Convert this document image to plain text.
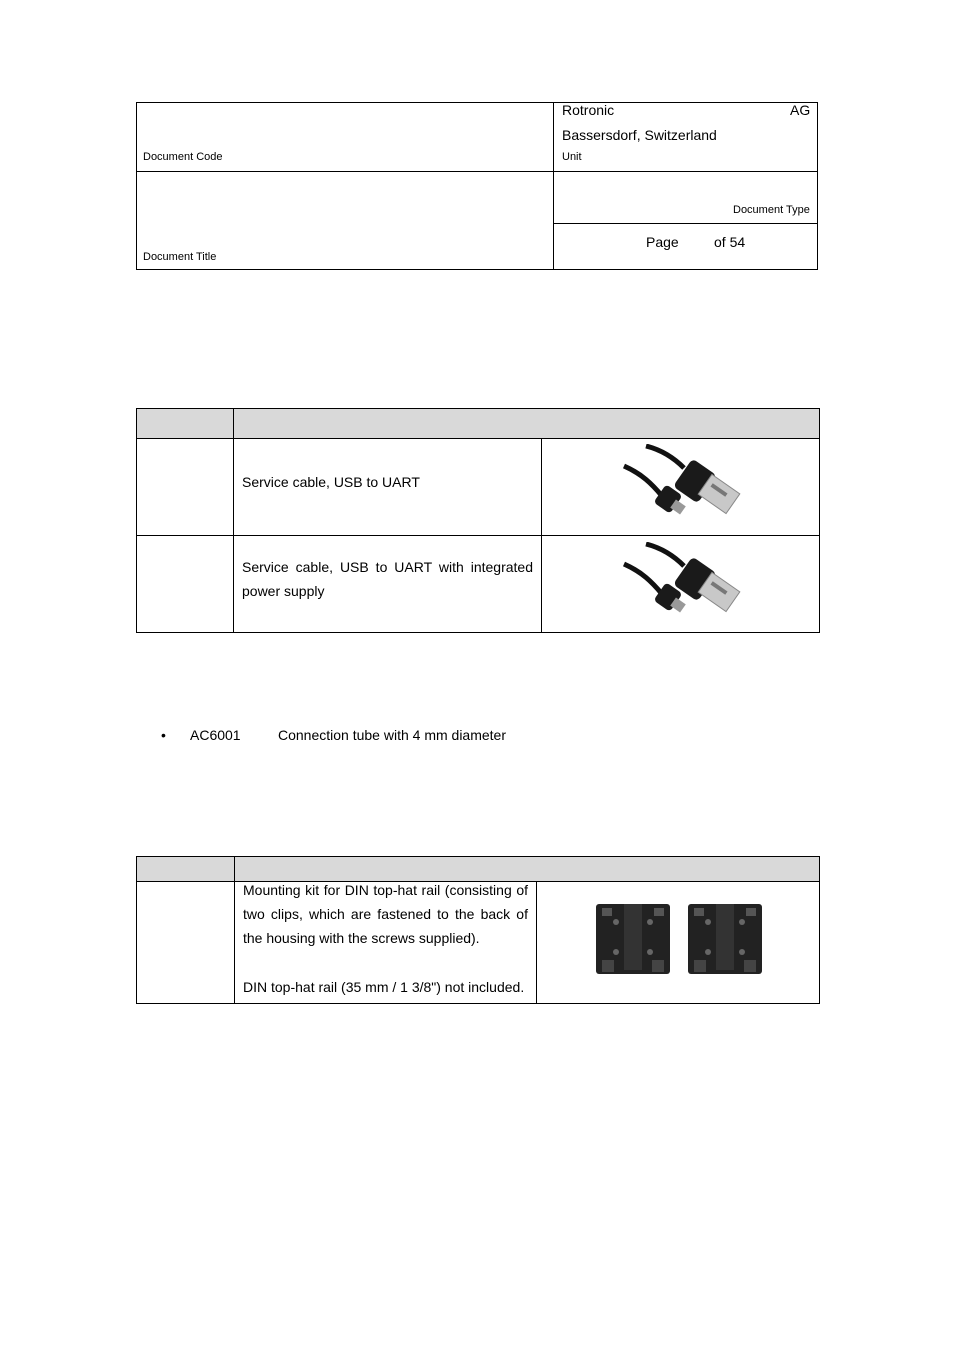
Rotronic	AG
Bassersdorf, Switzerland
Document Code	Unit
Document Type
Page	of 54
Document Title
Service cable, USB to UART
Service cable, USB to UART with integrated power supply
• AC6001	Connection tube with 4 mm diameter
Mounting kit for DIN top-hat rail (consisting of two clips, which are fastened to the back of the housing with the screws supplied).
DIN top-hat rail (35 mm / 1 3/8") not included.
